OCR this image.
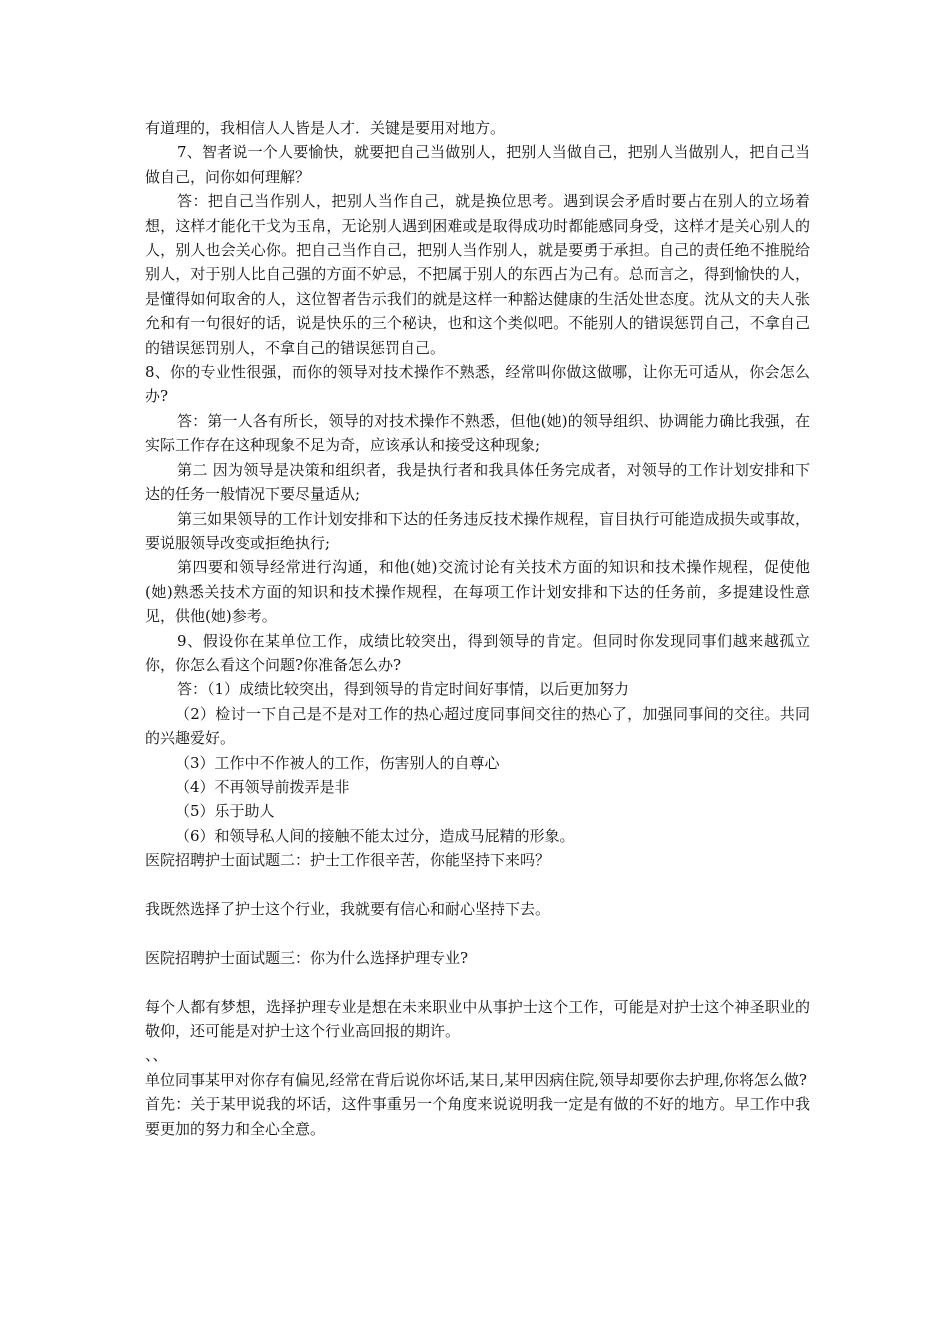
有道理的，我相信人人皆是人才．关键是要用对地方。

7、智者说一个人要愉快，就要把自己当做别人，把别人当做自己，把别人当做别人，把自己当做自己，问你如何理解？

答：把自己当作别人，把别人当作自己，就是换位思考。遇到误会矛盾时要占在别人的立场着想，这样才能化干戈为玉帛，无论别人遇到困难或是取得成功时都能感同身受，这样才是关心别人的人，别人也会关心你。把自己当作自己，把别人当作别人，就是要勇于承担。自己的责任绝不推脱给别人，对于别人比自己强的方面不妒忌，不把属于别人的东西占为己有。总而言之，得到愉快的人，是懂得如何取舍的人，这位智者告示我们的就是这样一种豁达健康的生活处世态度。沈从文的夫人张允和有一句很好的话，说是快乐的三个秘诀，也和这个类似吧。不能别人的错误惩罚自己，不拿自己的错误惩罚别人，不拿自己的错误惩罚自己。

8、你的专业性很强，而你的领导对技术操作不熟悉，经常叫你做这做哪，让你无可适从，你会怎么办?

答：第一人各有所长，领导的对技术操作不熟悉，但他(她)的领导组织、协调能力确比我强，在实际工作存在这种现象不足为奇，应该承认和接受这种现象;

第二 因为领导是决策和组织者，我是执行者和我具体任务完成者，对领导的工作计划安排和下达的任务一般情况下要尽量适从;

第三如果领导的工作计划安排和下达的任务违反技术操作规程，盲目执行可能造成损失或事故，要说服领导改变或拒绝执行;

第四要和领导经常进行沟通，和他(她)交流讨论有关技术方面的知识和技术操作规程，促使他(她)熟悉关技术方面的知识和技术操作规程，在每项工作计划安排和下达的任务前，多提建设性意见，供他(她)参考。

9、假设你在某单位工作，成绩比较突出，得到领导的肯定。但同时你发现同事们越来越孤立你，你怎么看这个问题?你准备怎么办?

答：（1）成绩比较突出，得到领导的肯定时间好事情，以后更加努力

（2）检讨一下自己是不是对工作的热心超过度同事间交往的热心了，加强同事间的交往。共同的兴趣爱好。

（3）工作中不作被人的工作，伤害别人的自尊心

（4）不再领导前拨弄是非

（5）乐于助人

（6）和领导私人间的接触不能太过分，造成马屁精的形象。

医院招聘护士面试题二：护士工作很辛苦，你能坚持下来吗？

我既然选择了护士这个行业，我就要有信心和耐心坚持下去。

医院招聘护士面试题三：你为什么选择护理专业?

每个人都有梦想，选择护理专业是想在未来职业中从事护士这个工作，可能是对护士这个神圣职业的敬仰，还可能是对护士这个行业高回报的期许。

、、

单位同事某甲对你存有偏见,经常在背后说你坏话,某日,某甲因病住院,领导却要你去护理,你将怎么做?

首先：关于某甲说我的坏话，这件事重另一个角度来说说明我一定是有做的不好的地方。早工作中我要更加的努力和全心全意。
